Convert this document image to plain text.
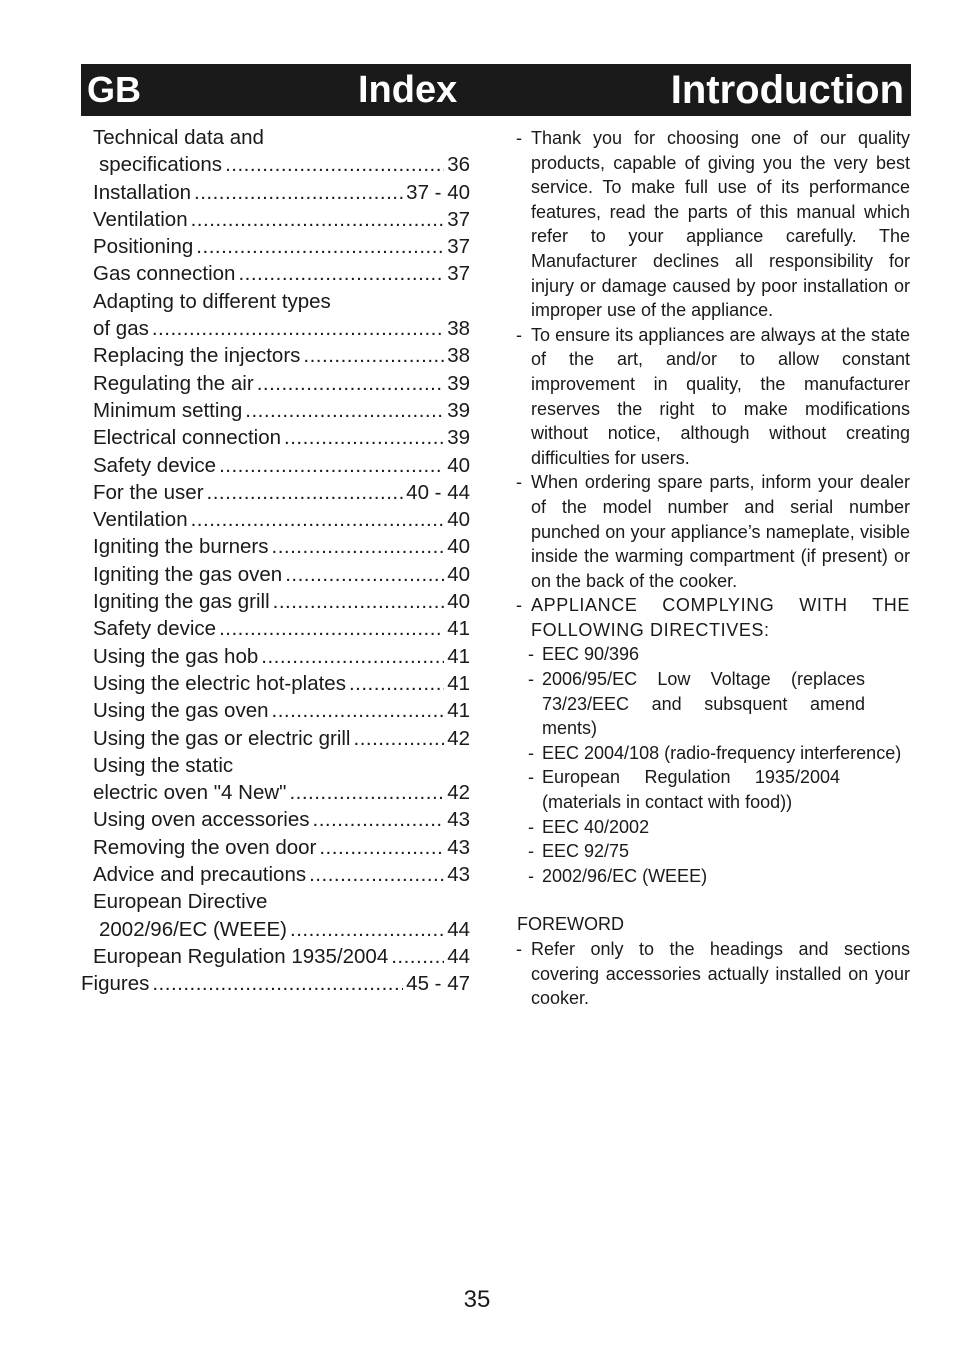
GB	Index	Introduction
Technical data and
specifications .....	36
Installation .....	37 - 40
Ventilation .....	37
Positioning .....	37
Gas connection .....	37
Adapting to different types
of gas .....	38
Replacing the injectors .....	38
Regulating the air .....	39
Minimum setting .....	39
Electrical connection .....	39
Safety device .....	40
For the user .....	40 - 44
Ventilation .....	40
Igniting the burners .....	40
Igniting the gas oven .....	40
Igniting the gas grill .....	40
Safety device .....	41
Using the gas hob .....	41
Using the electric hot-plates .....	41
Using the gas oven .....	41
Using the gas or electric grill .....	42
Using the static
electric oven "4 New" .....	42
Using oven accessories .....	43
Removing the oven door .....	43
Advice and precautions .....	43
European Directive
2002/96/EC (WEEE) .....	44
European Regulation 1935/2004 .....	44
Figures .....	45 - 47
- Thank you for choosing one of our quality products, capable of giving you the very best service. To make full use of its performance features, read the parts of this manual which refer to your appliance carefully. The Manufacturer declines all responsibility for injury or damage caused by poor installation or improper use of the appliance.
- To ensure its appliances are always at the state of the art, and/or to allow constant improvement in quality, the manufacturer reserves the right to make modifications without notice, although without creating difficulties for users.
- When ordering spare parts, inform your dealer of the model number and serial number punched on your appliance’s nameplate, visible inside the warming compartment (if present) or on the back of the cooker.
- APPLIANCE COMPLYING WITH THE FOLLOWING DIRECTIVES:
- EEC 90/396
- 2006/95/EC Low Voltage (replaces 73/23/EEC and subsquent amend ments)
- EEC 2004/108 (radio-frequency interference)
- European Regulation 1935/2004 (materials in contact with food))
- EEC 40/2002
- EEC 92/75
- 2002/96/EC (WEEE)
FOREWORD
- Refer only to the headings and sections covering accessories actually installed on your cooker.
35
